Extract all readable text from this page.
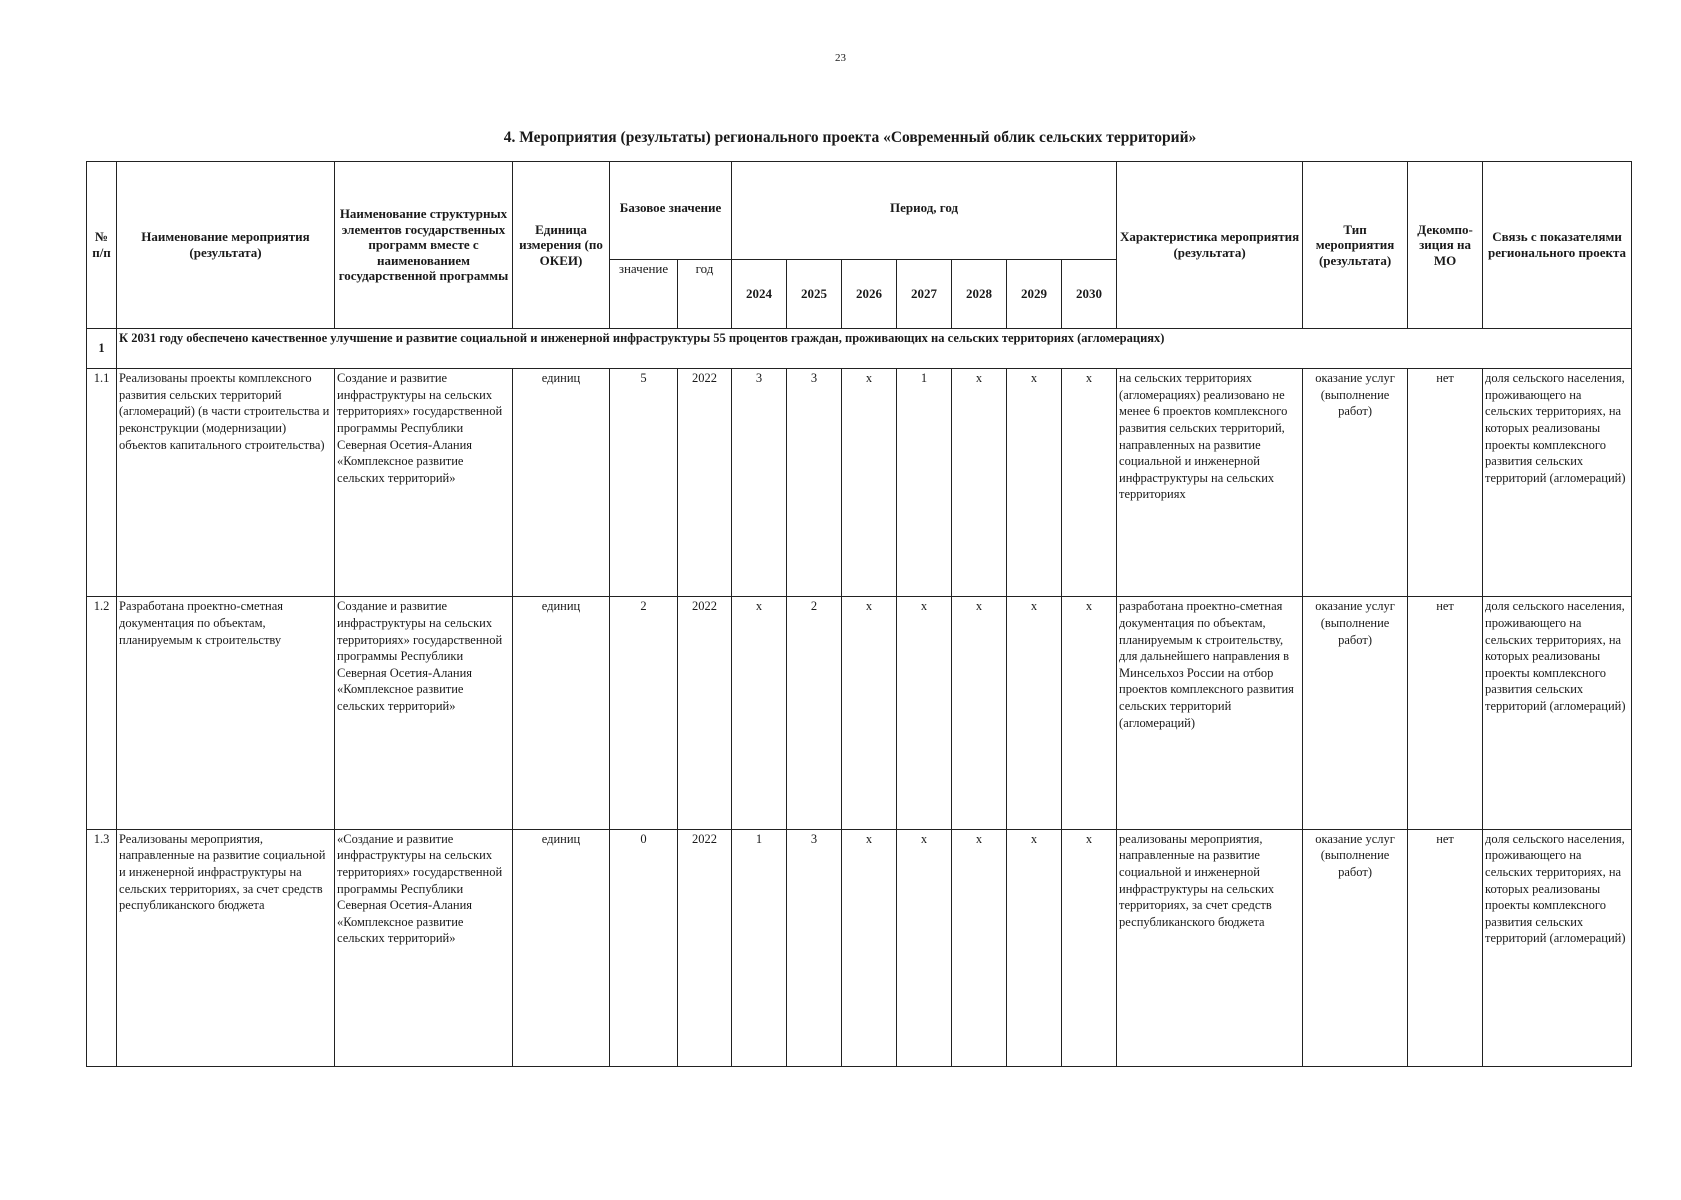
23
4. Мероприятия (результаты) регионального проекта «Современный облик сельских территорий»
№ п/п	Наименование мероприятия (результата)	Наименование структурных элементов государственных программ вместе с наименованием государственной программы	Единица измерения (по ОКЕИ)	Базовое значение		Период, год							Характеристика мероприятия (результата)	Тип мероприятия (результата)	Декомпо-зиция на МО	Связь с показателями регионального проекта
				значение	год	2024	2025	2026	2027	2028	2029	2030				
1	К 2031 году обеспечено качественное улучшение и развитие социальной и инженерной инфраструктуры 55 процентов граждан, проживающих на сельских территориях (агломерациях)															
1.1	Реализованы проекты комплексного развития сельских территорий (агломераций) (в части строительства и реконструкции (модернизации) объектов капитального строительства)	Создание и развитие инфраструктуры на сельских территориях» государственной программы Республики Северная Осетия-Алания «Комплексное развитие сельских территорий»	единиц	5	2022	3	3	х	1	х	х	х	на сельских территориях (агломерациях) реализовано не менее 6 проектов комплексного развития сельских территорий, направленных на развитие социальной и инженерной инфраструктуры на сельских территориях	оказание услуг (выполнение работ)	нет	доля сельского населения, проживающего на сельских территориях, на которых реализованы проекты комплексного развития сельских территорий (агломераций)
1.2	Разработана проектно-сметная документация по объектам, планируемым к строительству	Создание и развитие инфраструктуры на сельских территориях» государственной программы Республики Северная Осетия-Алания «Комплексное развитие сельских территорий»	единиц	2	2022	х	2	х	х	х	х	х	разработана проектно-сметная документация по объектам, планируемым к строительству, для дальнейшего направления в Минсельхоз России на отбор проектов комплексного развития сельских территорий (агломераций)	оказание услуг (выполнение работ)	нет	доля сельского населения, проживающего на сельских территориях, на которых реализованы проекты комплексного развития сельских территорий (агломераций)
1.3	Реализованы мероприятия, направленные на развитие социальной и инженерной инфраструктуры на сельских территориях, за счет средств республиканского бюджета	«Создание и развитие инфраструктуры на сельских территориях» государственной программы Республики Северная Осетия-Алания «Комплексное развитие сельских территорий»	единиц	0	2022	1	3	х	х	х	х	х	реализованы мероприятия, направленные на развитие социальной и инженерной инфраструктуры на сельских территориях, за счет средств республиканского бюджета	оказание услуг (выполнение работ)	нет	доля сельского населения, проживающего на сельских территориях, на которых реализованы проекты комплексного развития сельских территорий (агломераций)
